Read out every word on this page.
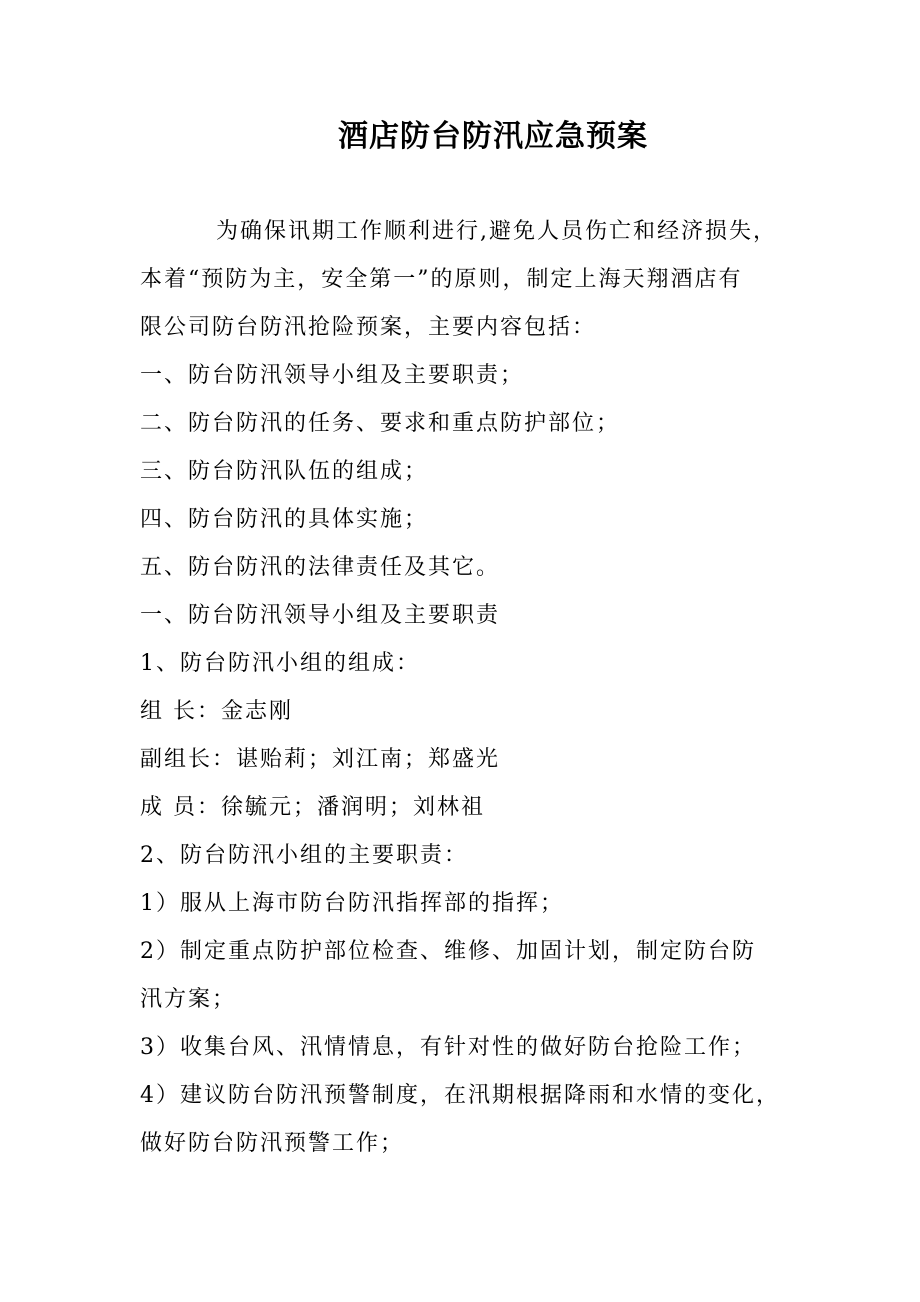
酒店防台防汛应急预案

为确保讯期工作顺利进行,避免人员伤亡和经济损失，

本着“预防为主，安全第一”的原则，制定上海天翔酒店有

限公司防台防汛抢险预案，主要内容包括：

一、防台防汛领导小组及主要职责；

二、防台防汛的任务、要求和重点防护部位；

三、防台防汛队伍的组成；

四、防台防汛的具体实施；

五、防台防汛的法律责任及其它。

一、防台防汛领导小组及主要职责

1、防台防汛小组的组成：

组 长：金志刚

副组长：谌贻莉；刘江南；郑盛光

成 员：徐毓元；潘润明；刘林祖

2、防台防汛小组的主要职责：

1）服从上海市防台防汛指挥部的指挥；

2）制定重点防护部位检查、维修、加固计划，制定防台防

汛方案；

3）收集台风、汛情情息，有针对性的做好防台抢险工作；

4）建议防台防汛预警制度，在汛期根据降雨和水情的变化，

做好防台防汛预警工作；
